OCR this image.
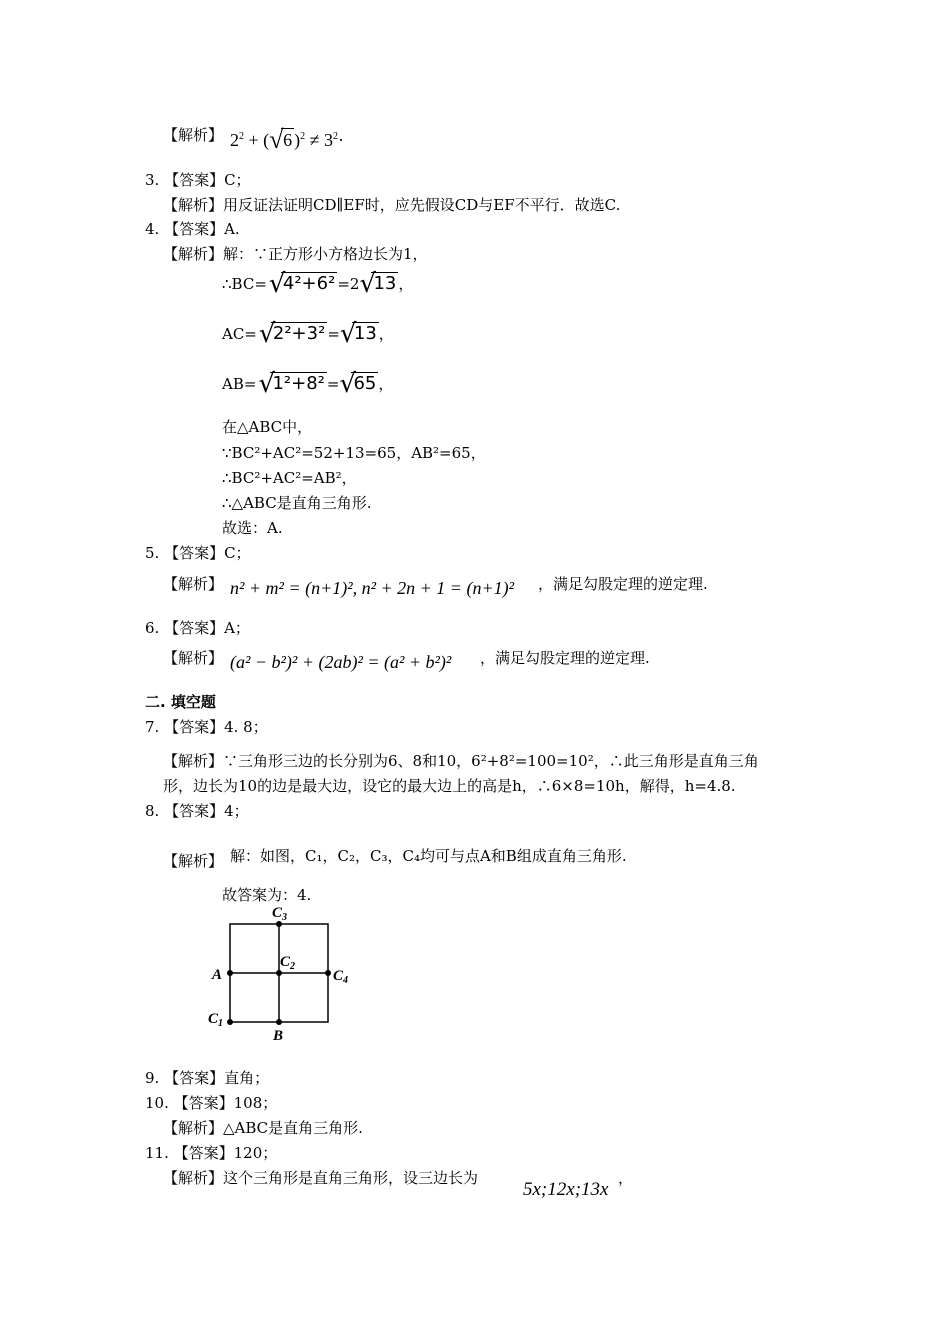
【解析】 $2^2$ + ( √ 6 )$^2 \ne 3^2\cdot$
3. 【答案】C；
【解析】用反证法证明CD∥EF时，应先假设CD与EF不平行．故选C.
4. 【答案】A.
【解析】解：∵正方形小方格边长为1，
∴BC= √
4²+6² =2 √
13 ，
AC= √
2²+3² = √
13 ，
AB= √
1²+8² = √
65 ，
在△ABC中，
∵BC²+AC²=52+13=65，AB²=65，
∴BC²+AC²=AB²，
∴△ABC是直角三角形.
故选：A.
5. 【答案】C；
【解析】 n² + m² = (n+1)², n² + 2n + 1 = (n+1)² ，满足勾股定理的逆定理.
6. 【答案】A；
【解析】 (a² − b²)² + (2ab)² = (a² + b²)² ，满足勾股定理的逆定理.
二. 填空题
7. 【答案】4. 8；
【解析】∵三角形三边的长分别为6、8和10，6²+8²=100=10²，∴此三角形是直角三角
形，边长为10的边是最大边，设它的最大边上的高是h，∴6×8=10h，解得，h=4.8.
8. 【答案】4；
【解析】 解：如图，C₁，C₂，C₃，C₄均可与点A和B组成直角三角形.
故答案为：4.
$C_3$
A
$C_2$
$C_4$
$C_1$
B
9. 【答案】直角；
10. 【答案】108；
【解析】△ABC是直角三角形.
11. 【答案】120；
【解析】这个三角形是直角三角形，设三边长为
5x;12x;13x
，
